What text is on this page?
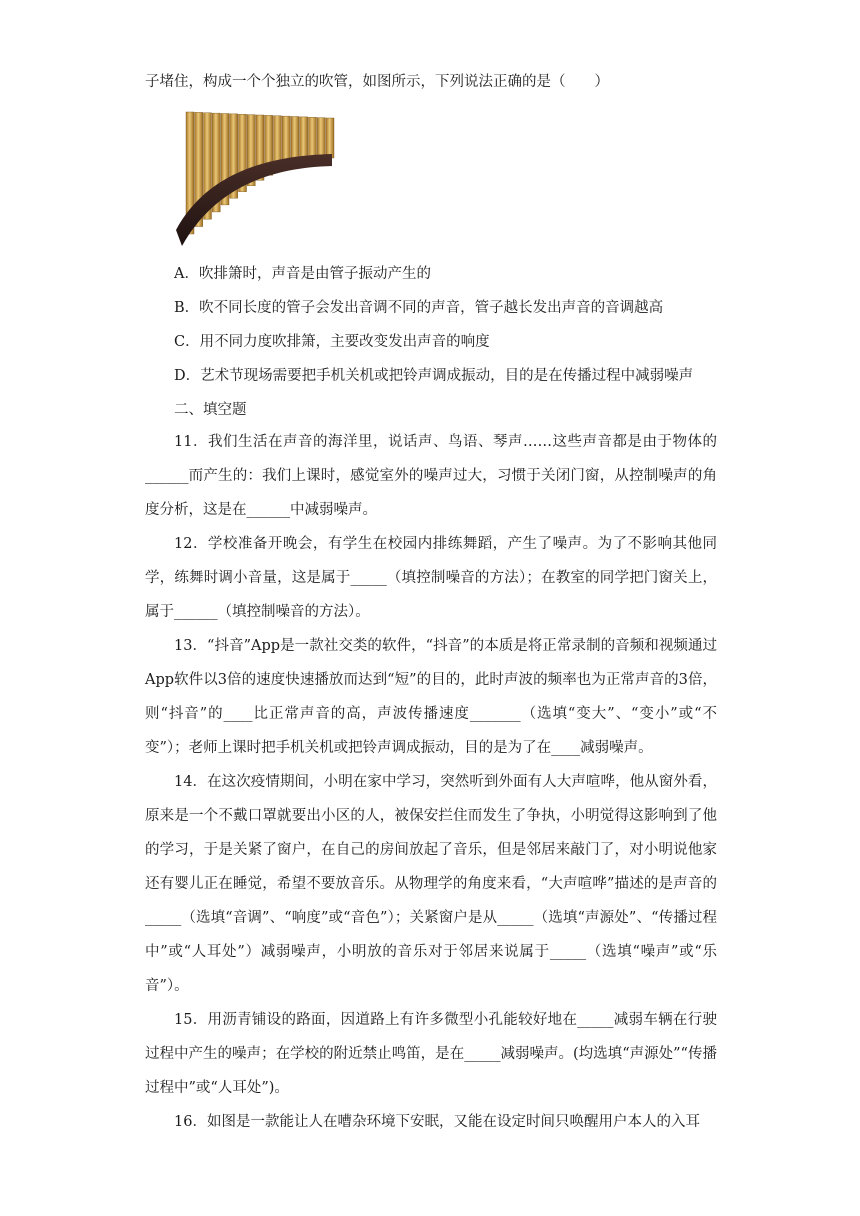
子堵住，构成一个个独立的吹管，如图所示，下列说法正确的是（　　）
A．吹排箫时，声音是由管子振动产生的
B．吹不同长度的管子会发出音调不同的声音，管子越长发出声音的音调越高
C．用不同力度吹排箫，主要改变发出声音的响度
D．艺术节现场需要把手机关机或把铃声调成振动，目的是在传播过程中减弱噪声
二、填空题
11．我们生活在声音的海洋里，说话声、鸟语、琴声……这些声音都是由于物体的______而产生的：我们上课时，感觉室外的噪声过大，习惯于关闭门窗，从控制噪声的角度分析，这是在______中减弱噪声。
12．学校准备开晚会，有学生在校园内排练舞蹈，产生了噪声。为了不影响其他同学，练舞时调小音量，这是属于_____（填控制噪音的方法）；在教室的同学把门窗关上，属于______（填控制噪音的方法）。
13．“抖音”App是一款社交类的软件，“抖音”的本质是将正常录制的音频和视频通过App软件以3倍的速度快速播放而达到“短”的目的，此时声波的频率也为正常声音的3倍，则“抖音”的____比正常声音的高，声波传播速度_______（选填“变大”、“变小”或“不变”）；老师上课时把手机关机或把铃声调成振动，目的是为了在____减弱噪声。
14．在这次疫情期间，小明在家中学习，突然听到外面有人大声喧哗，他从窗外看，原来是一个不戴口罩就要出小区的人，被保安拦住而发生了争执，小明觉得这影响到了他的学习，于是关紧了窗户，在自己的房间放起了音乐，但是邻居来敲门了，对小明说他家还有婴儿正在睡觉，希望不要放音乐。从物理学的角度来看，“大声喧哗”描述的是声音的_____（选填“音调”、“响度”或“音色”）；关紧窗户是从_____（选填“声源处”、“传播过程中”或“人耳处”）减弱噪声，小明放的音乐对于邻居来说属于_____（选填“噪声”或“乐音”）。
15．用沥青铺设的路面，因道路上有许多微型小孔能较好地在_____减弱车辆在行驶过程中产生的噪声；在学校的附近禁止鸣笛，是在_____减弱噪声。(均选填“声源处”“传播过程中”或“人耳处”)。
16．如图是一款能让人在嘈杂环境下安眠，又能在设定时间只唤醒用户本人的入耳
